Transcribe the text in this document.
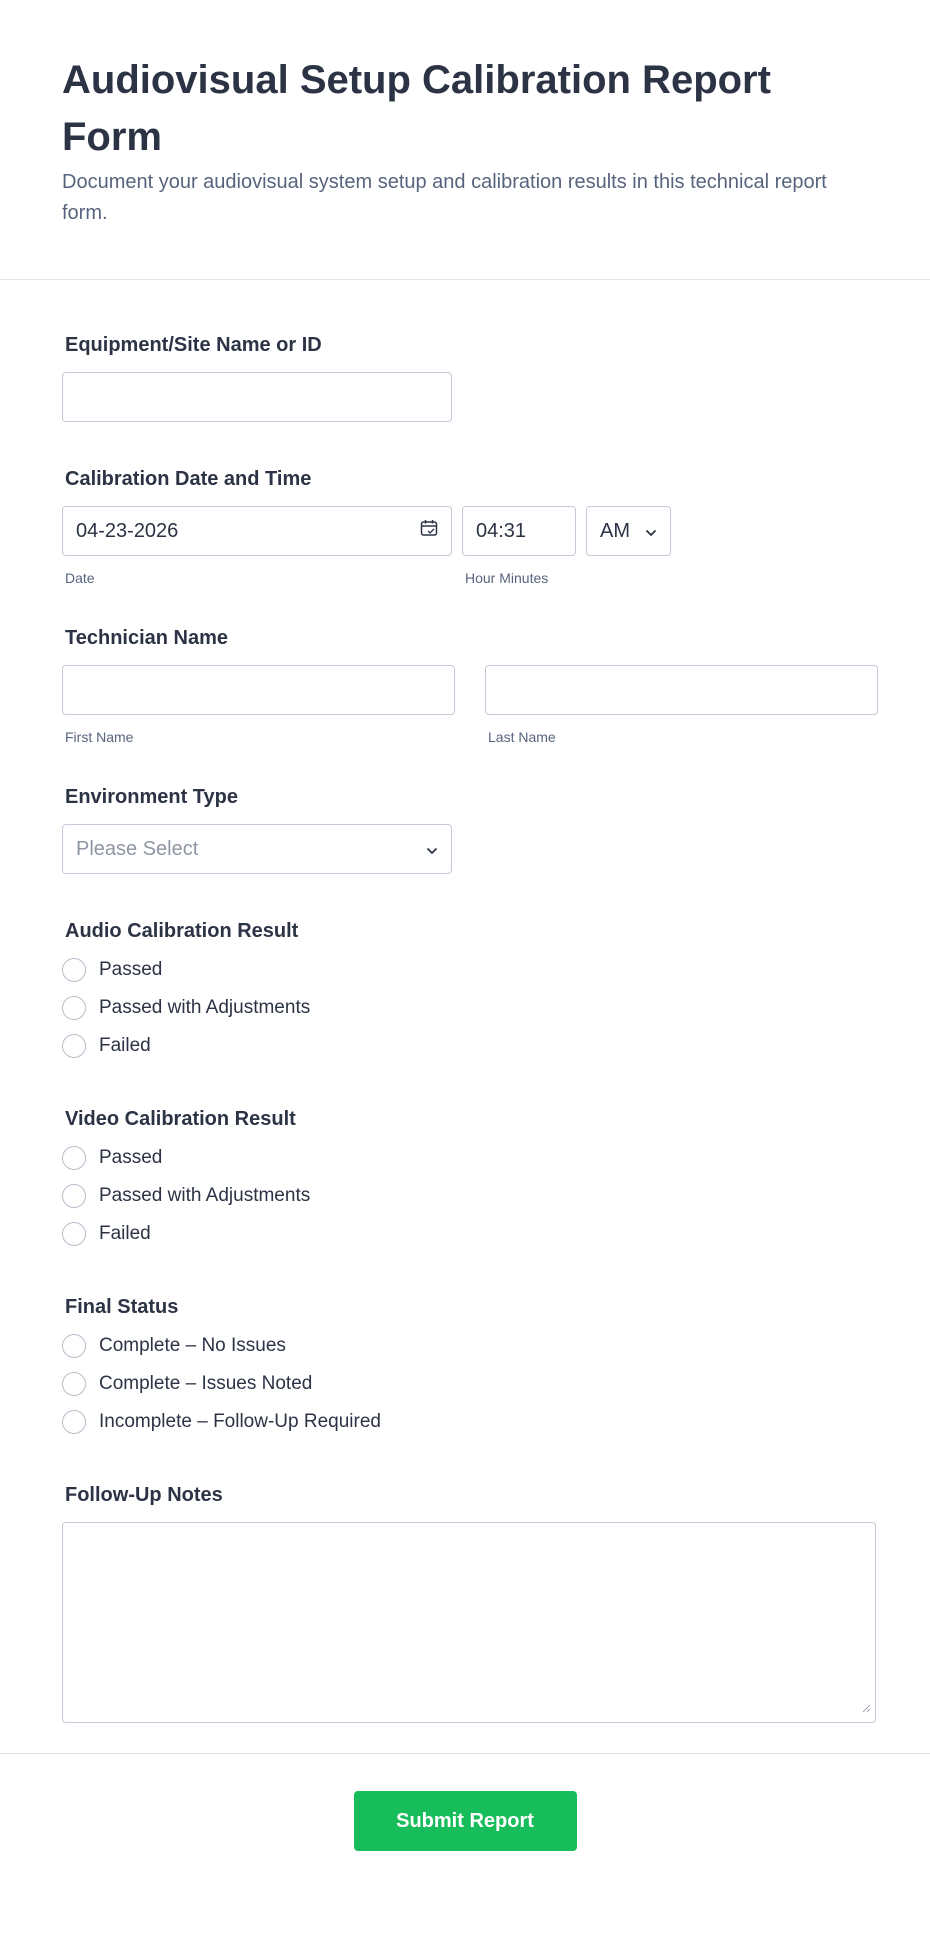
Audiovisual Setup Calibration Report Form
Document your audiovisual system setup and calibration results in this technical report form.
Equipment/Site Name or ID
Calibration Date and Time
04-23-2026
Date
04:31	AM
Hour Minutes
Technician Name
First Name	Last Name
Environment Type
Please Select
Audio Calibration Result
Passed
Passed with Adjustments
Failed
Video Calibration Result
Passed
Passed with Adjustments
Failed
Final Status
Complete – No Issues
Complete – Issues Noted
Incomplete – Follow-Up Required
Follow-Up Notes
Submit Report
